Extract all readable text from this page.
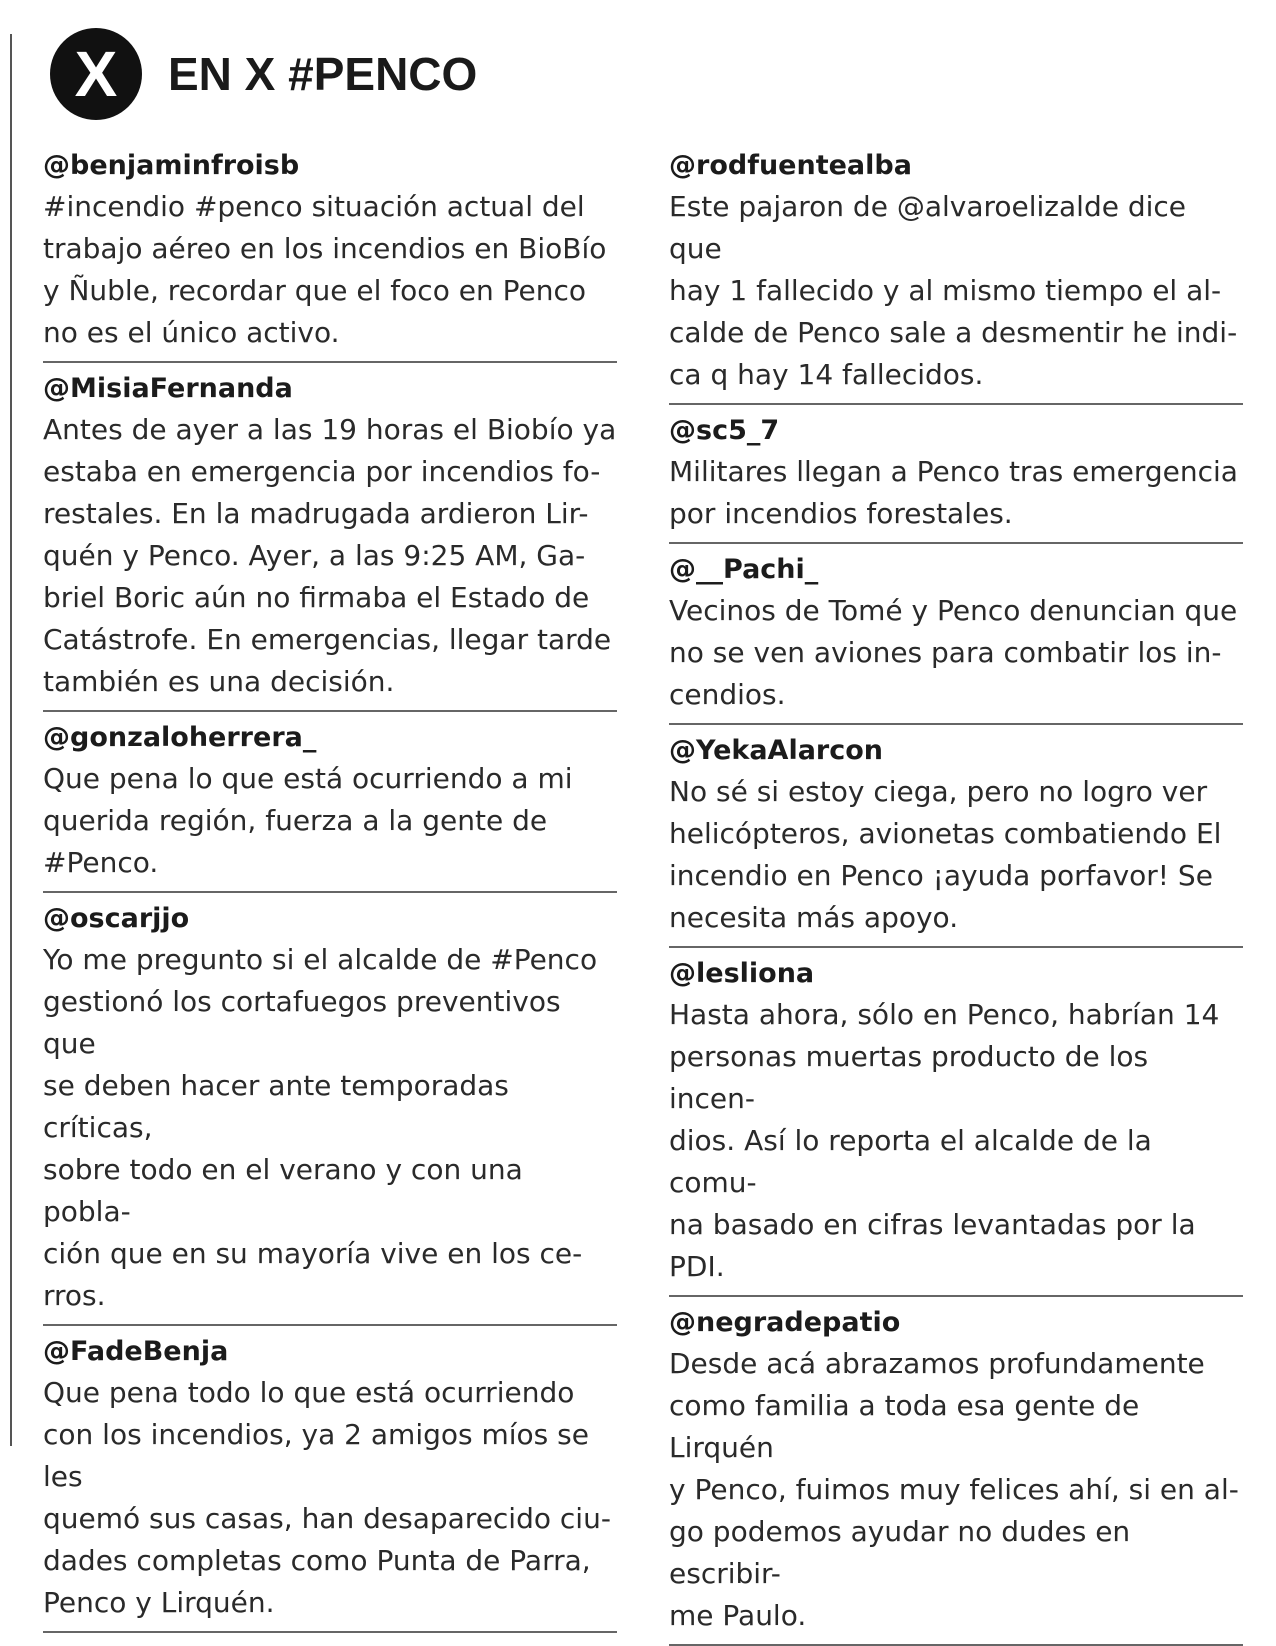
X	EN X #PENCO
@benjaminfroisb
#incendio #penco situación actual del
trabajo aéreo en los incendios en BioBío
y Ñuble, recordar que el foco en Penco
no es el único activo.
@MisiaFernanda
Antes de ayer a las 19 horas el Biobío ya
estaba en emergencia por incendios fo-
restales. En la madrugada ardieron Lir-
quén y Penco. Ayer, a las 9:25 AM, Ga-
briel Boric aún no firmaba el Estado de
Catástrofe. En emergencias, llegar tarde
también es una decisión.
@gonzaloherrera_
Que pena lo que está ocurriendo a mi
querida región, fuerza a la gente de
#Penco.
@oscarjjo
Yo me pregunto si el alcalde de #Penco
gestionó los cortafuegos preventivos que
se deben hacer ante temporadas críticas,
sobre todo en el verano y con una pobla-
ción que en su mayoría vive en los ce-
rros.
@FadeBenja
Que pena todo lo que está ocurriendo
con los incendios, ya 2 amigos míos se les
quemó sus casas, han desaparecido ciu-
dades completas como Punta de Parra,
Penco y Lirquén.
@rodfuentealba
Este pajaron de @alvaroelizalde dice que
hay 1 fallecido y al mismo tiempo el al-
calde de Penco sale a desmentir he indi-
ca q hay 14 fallecidos.
@sc5_7
Militares llegan a Penco tras emergencia
por incendios forestales.
@__Pachi_
Vecinos de Tomé y Penco denuncian que
no se ven aviones para combatir los in-
cendios.
@YekaAlarcon
No sé si estoy ciega, pero no logro ver
helicópteros, avionetas combatiendo El
incendio en Penco ¡ayuda porfavor! Se
necesita más apoyo.
@lesliona
Hasta ahora, sólo en Penco, habrían 14
personas muertas producto de los incen-
dios. Así lo reporta el alcalde de la comu-
na basado en cifras levantadas por la
PDI.
@negradepatio
Desde acá abrazamos profundamente
como familia a toda esa gente de Lirquén
y Penco, fuimos muy felices ahí, si en al-
go podemos ayudar no dudes en escribir-
me Paulo.
